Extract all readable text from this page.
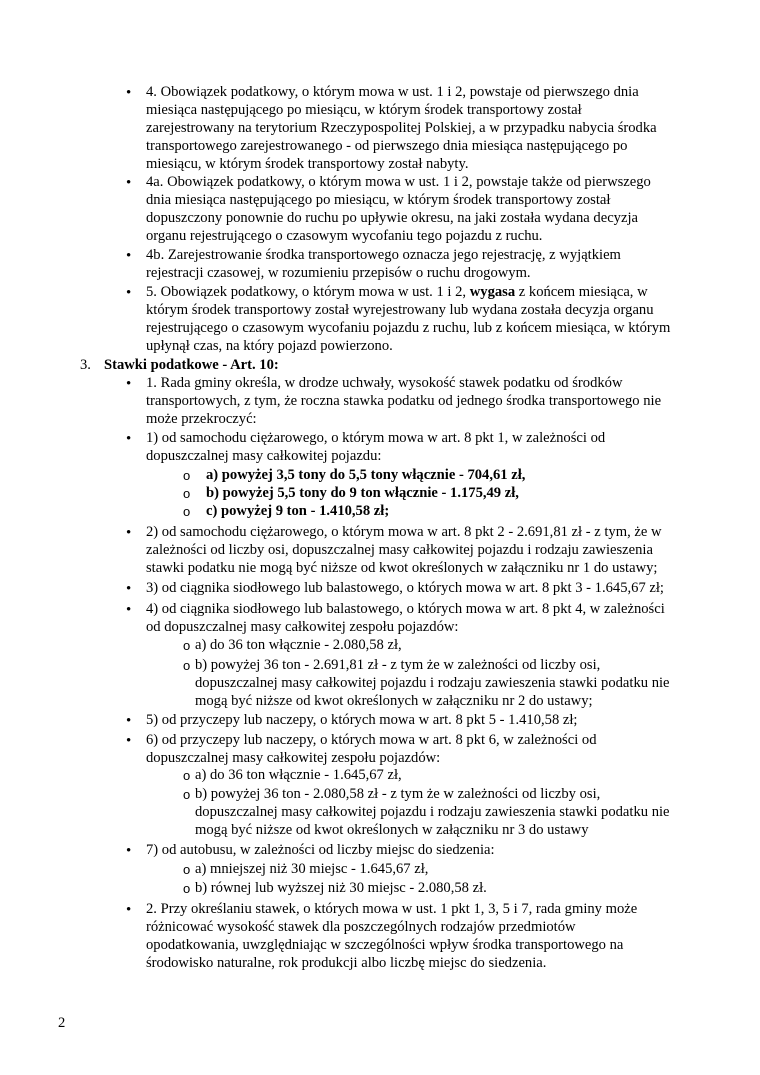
• 4. Obowiązek podatkowy, o którym mowa w ust. 1 i 2, powstaje od pierwszego dnia
miesiąca następującego po miesiącu, w którym środek transportowy został
zarejestrowany na terytorium Rzeczypospolitej Polskiej, a w przypadku nabycia środka
transportowego zarejestrowanego - od pierwszego dnia miesiąca następującego po
miesiącu, w którym środek transportowy został nabyty.
• 4a. Obowiązek podatkowy, o którym mowa w ust. 1 i 2, powstaje także od pierwszego
dnia miesiąca następującego po miesiącu, w którym środek transportowy został
dopuszczony ponownie do ruchu po upływie okresu, na jaki została wydana decyzja
organu rejestrującego o czasowym wycofaniu tego pojazdu z ruchu.
• 4b. Zarejestrowanie środka transportowego oznacza jego rejestrację, z wyjątkiem
rejestracji czasowej, w rozumieniu przepisów o ruchu drogowym.
• 5. Obowiązek podatkowy, o którym mowa w ust. 1 i 2, wygasa z końcem miesiąca, w
którym środek transportowy został wyrejestrowany lub wydana została decyzja organu
rejestrującego o czasowym wycofaniu pojazdu z ruchu, lub z końcem miesiąca, w którym
upłynął czas, na który pojazd powierzono.
3. Stawki podatkowe - Art. 10:
• 1. Rada gminy określa, w drodze uchwały, wysokość stawek podatku od środków
transportowych, z tym, że roczna stawka podatku od jednego środka transportowego nie
może przekroczyć:
• 1) od samochodu ciężarowego, o którym mowa w art. 8 pkt 1, w zależności od
dopuszczalnej masy całkowitej pojazdu:
o a) powyżej 3,5 tony do 5,5 tony włącznie - 704,61 zł,
o b) powyżej 5,5 tony do 9 ton włącznie - 1.175,49 zł,
o c) powyżej 9 ton - 1.410,58 zł;
• 2) od samochodu ciężarowego, o którym mowa w art. 8 pkt 2 - 2.691,81 zł - z tym, że w
zależności od liczby osi, dopuszczalnej masy całkowitej pojazdu i rodzaju zawieszenia
stawki podatku nie mogą być niższe od kwot określonych w załączniku nr 1 do ustawy;
• 3) od ciągnika siodłowego lub balastowego, o których mowa w art. 8 pkt 3 - 1.645,67 zł;
• 4) od ciągnika siodłowego lub balastowego, o których mowa w art. 8 pkt 4, w zależności
od dopuszczalnej masy całkowitej zespołu pojazdów:
o a) do 36 ton włącznie - 2.080,58 zł,
o b) powyżej 36 ton - 2.691,81 zł - z tym że w zależności od liczby osi,
dopuszczalnej masy całkowitej pojazdu i rodzaju zawieszenia stawki podatku nie
mogą być niższe od kwot określonych w załączniku nr 2 do ustawy;
• 5) od przyczepy lub naczepy, o których mowa w art. 8 pkt 5 - 1.410,58 zł;
• 6) od przyczepy lub naczepy, o których mowa w art. 8 pkt 6, w zależności od
dopuszczalnej masy całkowitej zespołu pojazdów:
o a) do 36 ton włącznie - 1.645,67 zł,
o b) powyżej 36 ton - 2.080,58 zł - z tym że w zależności od liczby osi,
dopuszczalnej masy całkowitej pojazdu i rodzaju zawieszenia stawki podatku nie
mogą być niższe od kwot określonych w załączniku nr 3 do ustawy
• 7) od autobusu, w zależności od liczby miejsc do siedzenia:
o a) mniejszej niż 30 miejsc - 1.645,67 zł,
o b) równej lub wyższej niż 30 miejsc - 2.080,58 zł.
• 2. Przy określaniu stawek, o których mowa w ust. 1 pkt 1, 3, 5 i 7, rada gminy może
różnicować wysokość stawek dla poszczególnych rodzajów przedmiotów
opodatkowania, uwzględniając w szczególności wpływ środka transportowego na
środowisko naturalne, rok produkcji albo liczbę miejsc do siedzenia.
2
